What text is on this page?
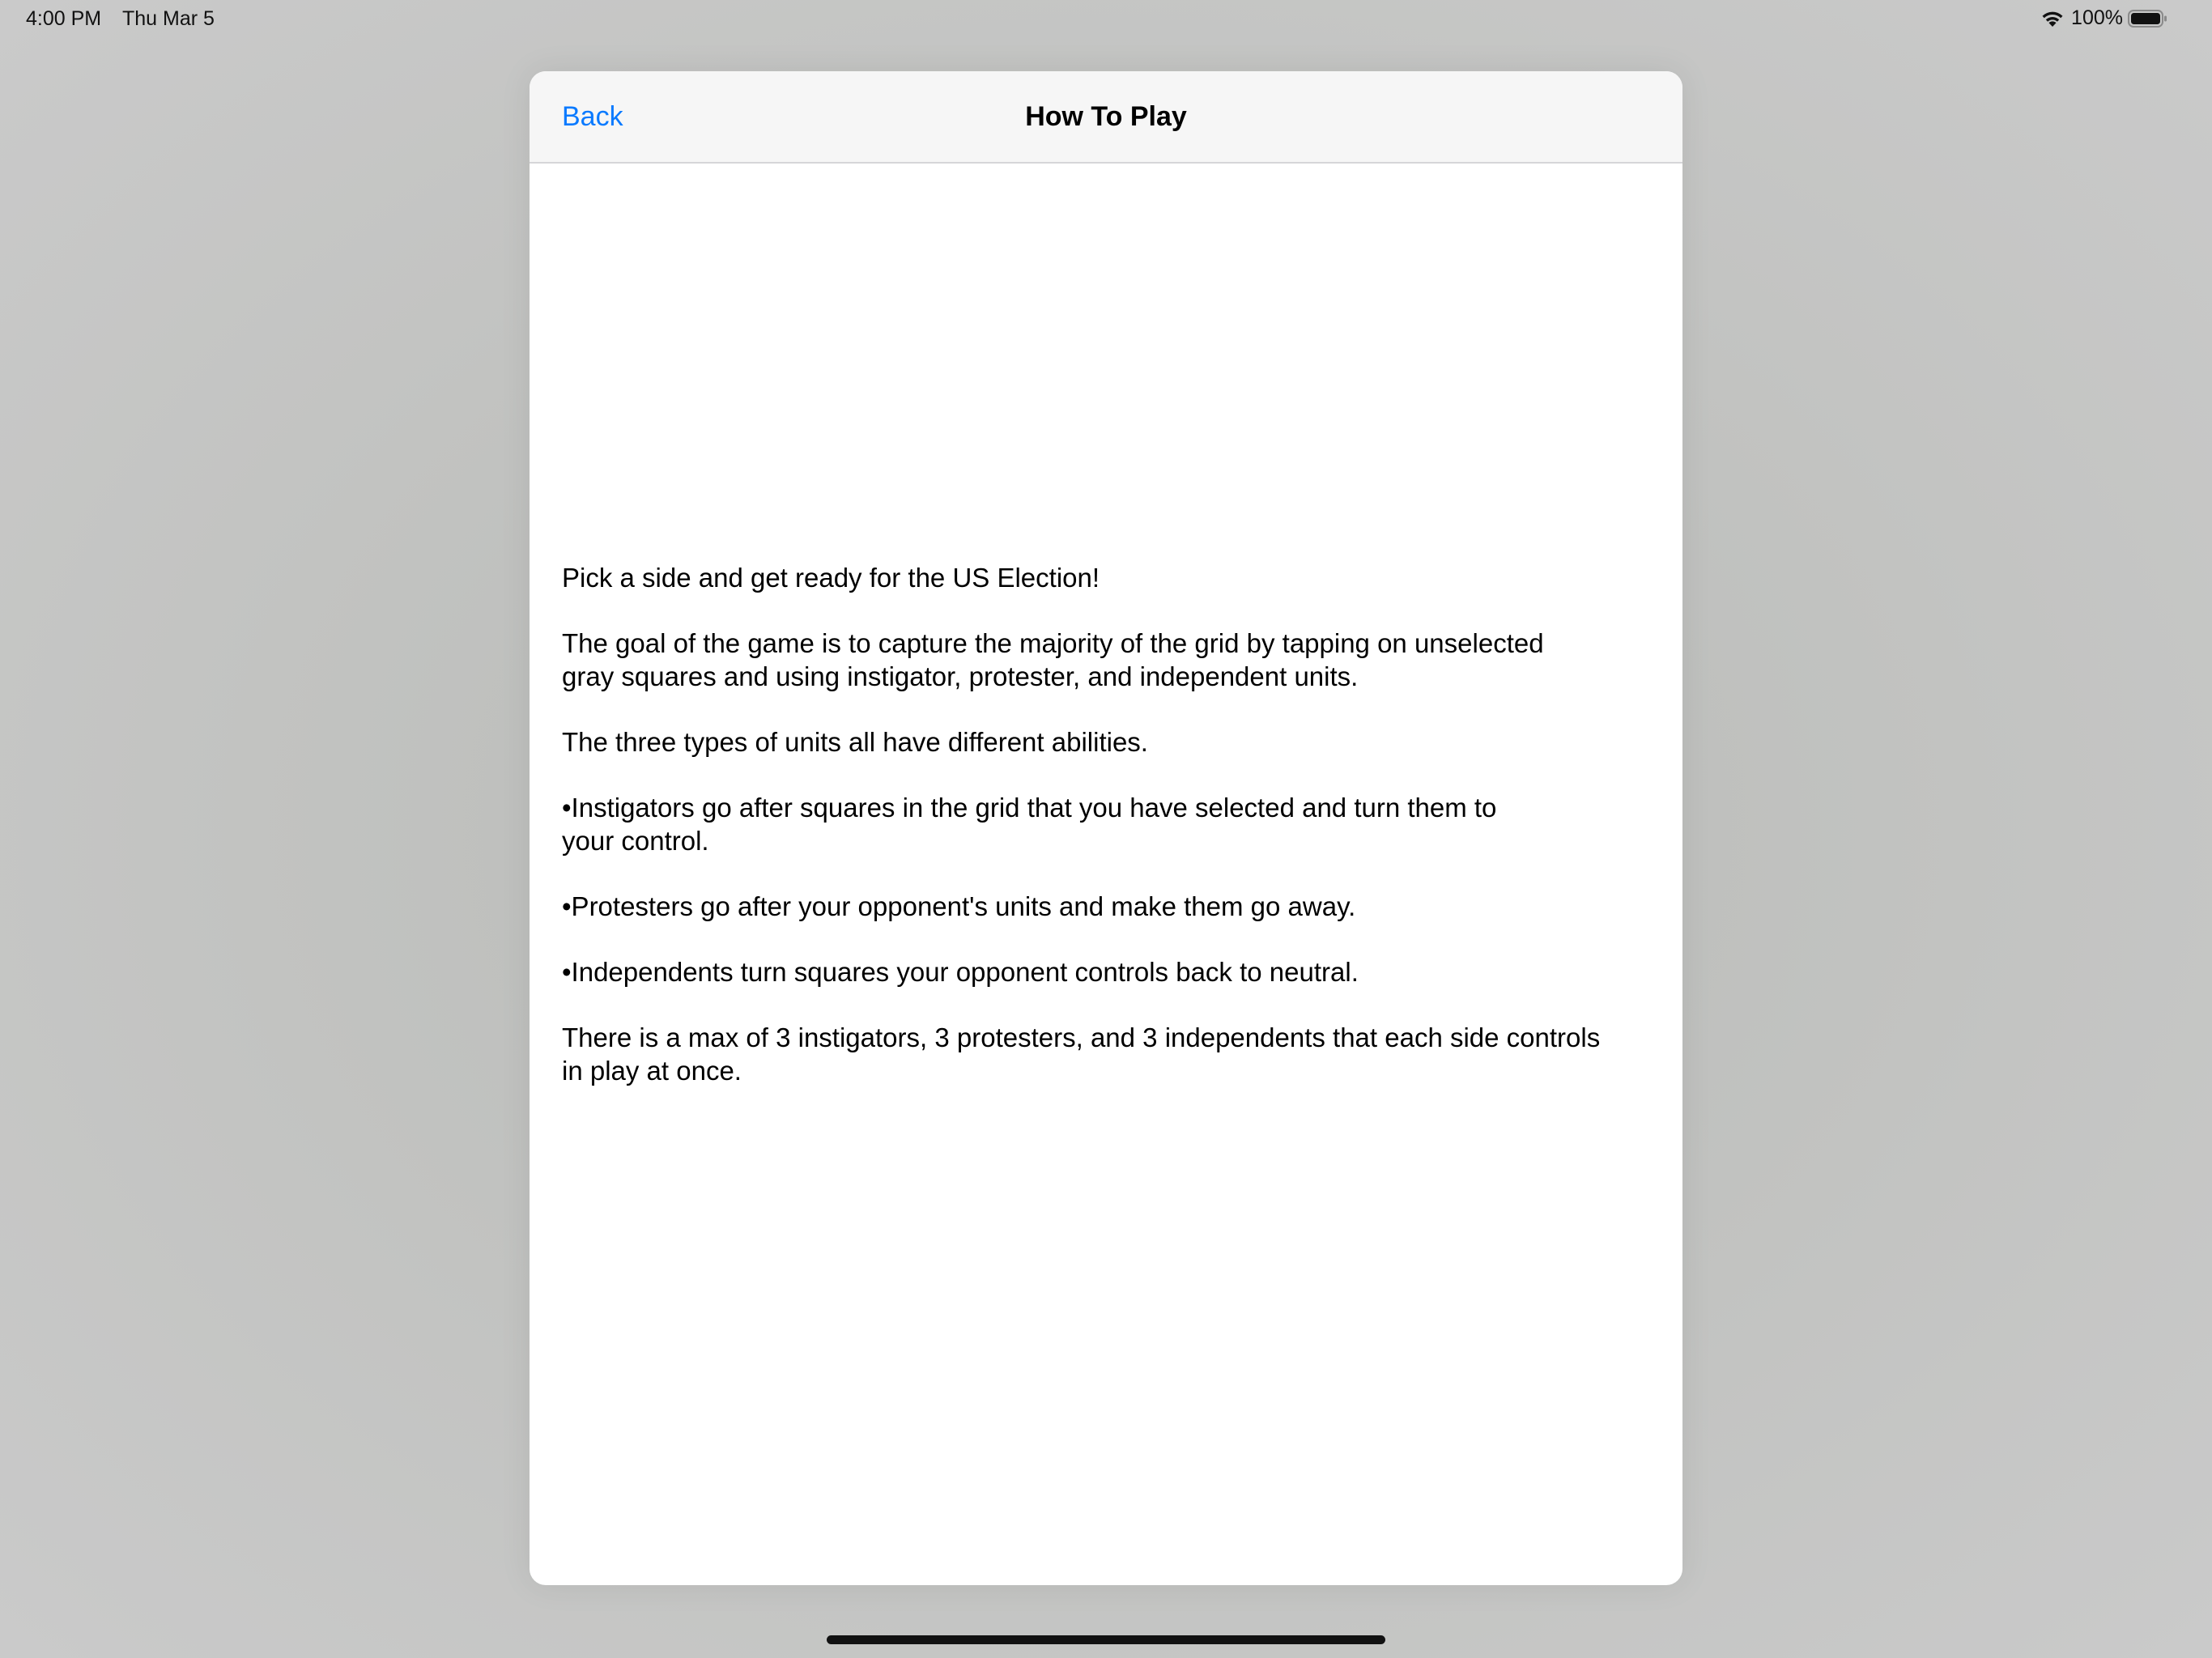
4:00 PM Thu Mar 5	100%
How To Play
Back

Pick a side and get ready for the US Election!

The goal of the game is to capture the majority of the grid by tapping on unselected
gray squares and using instigator, protester, and independent units.

The three types of units all have different abilities.

•Instigators go after squares in the grid that you have selected and turn them to
your control.

•Protesters go after your opponent's units and make them go away.

•Independents turn squares your opponent controls back to neutral.

There is a max of 3 instigators, 3 protesters, and 3 independents that each side controls
in play at once.
